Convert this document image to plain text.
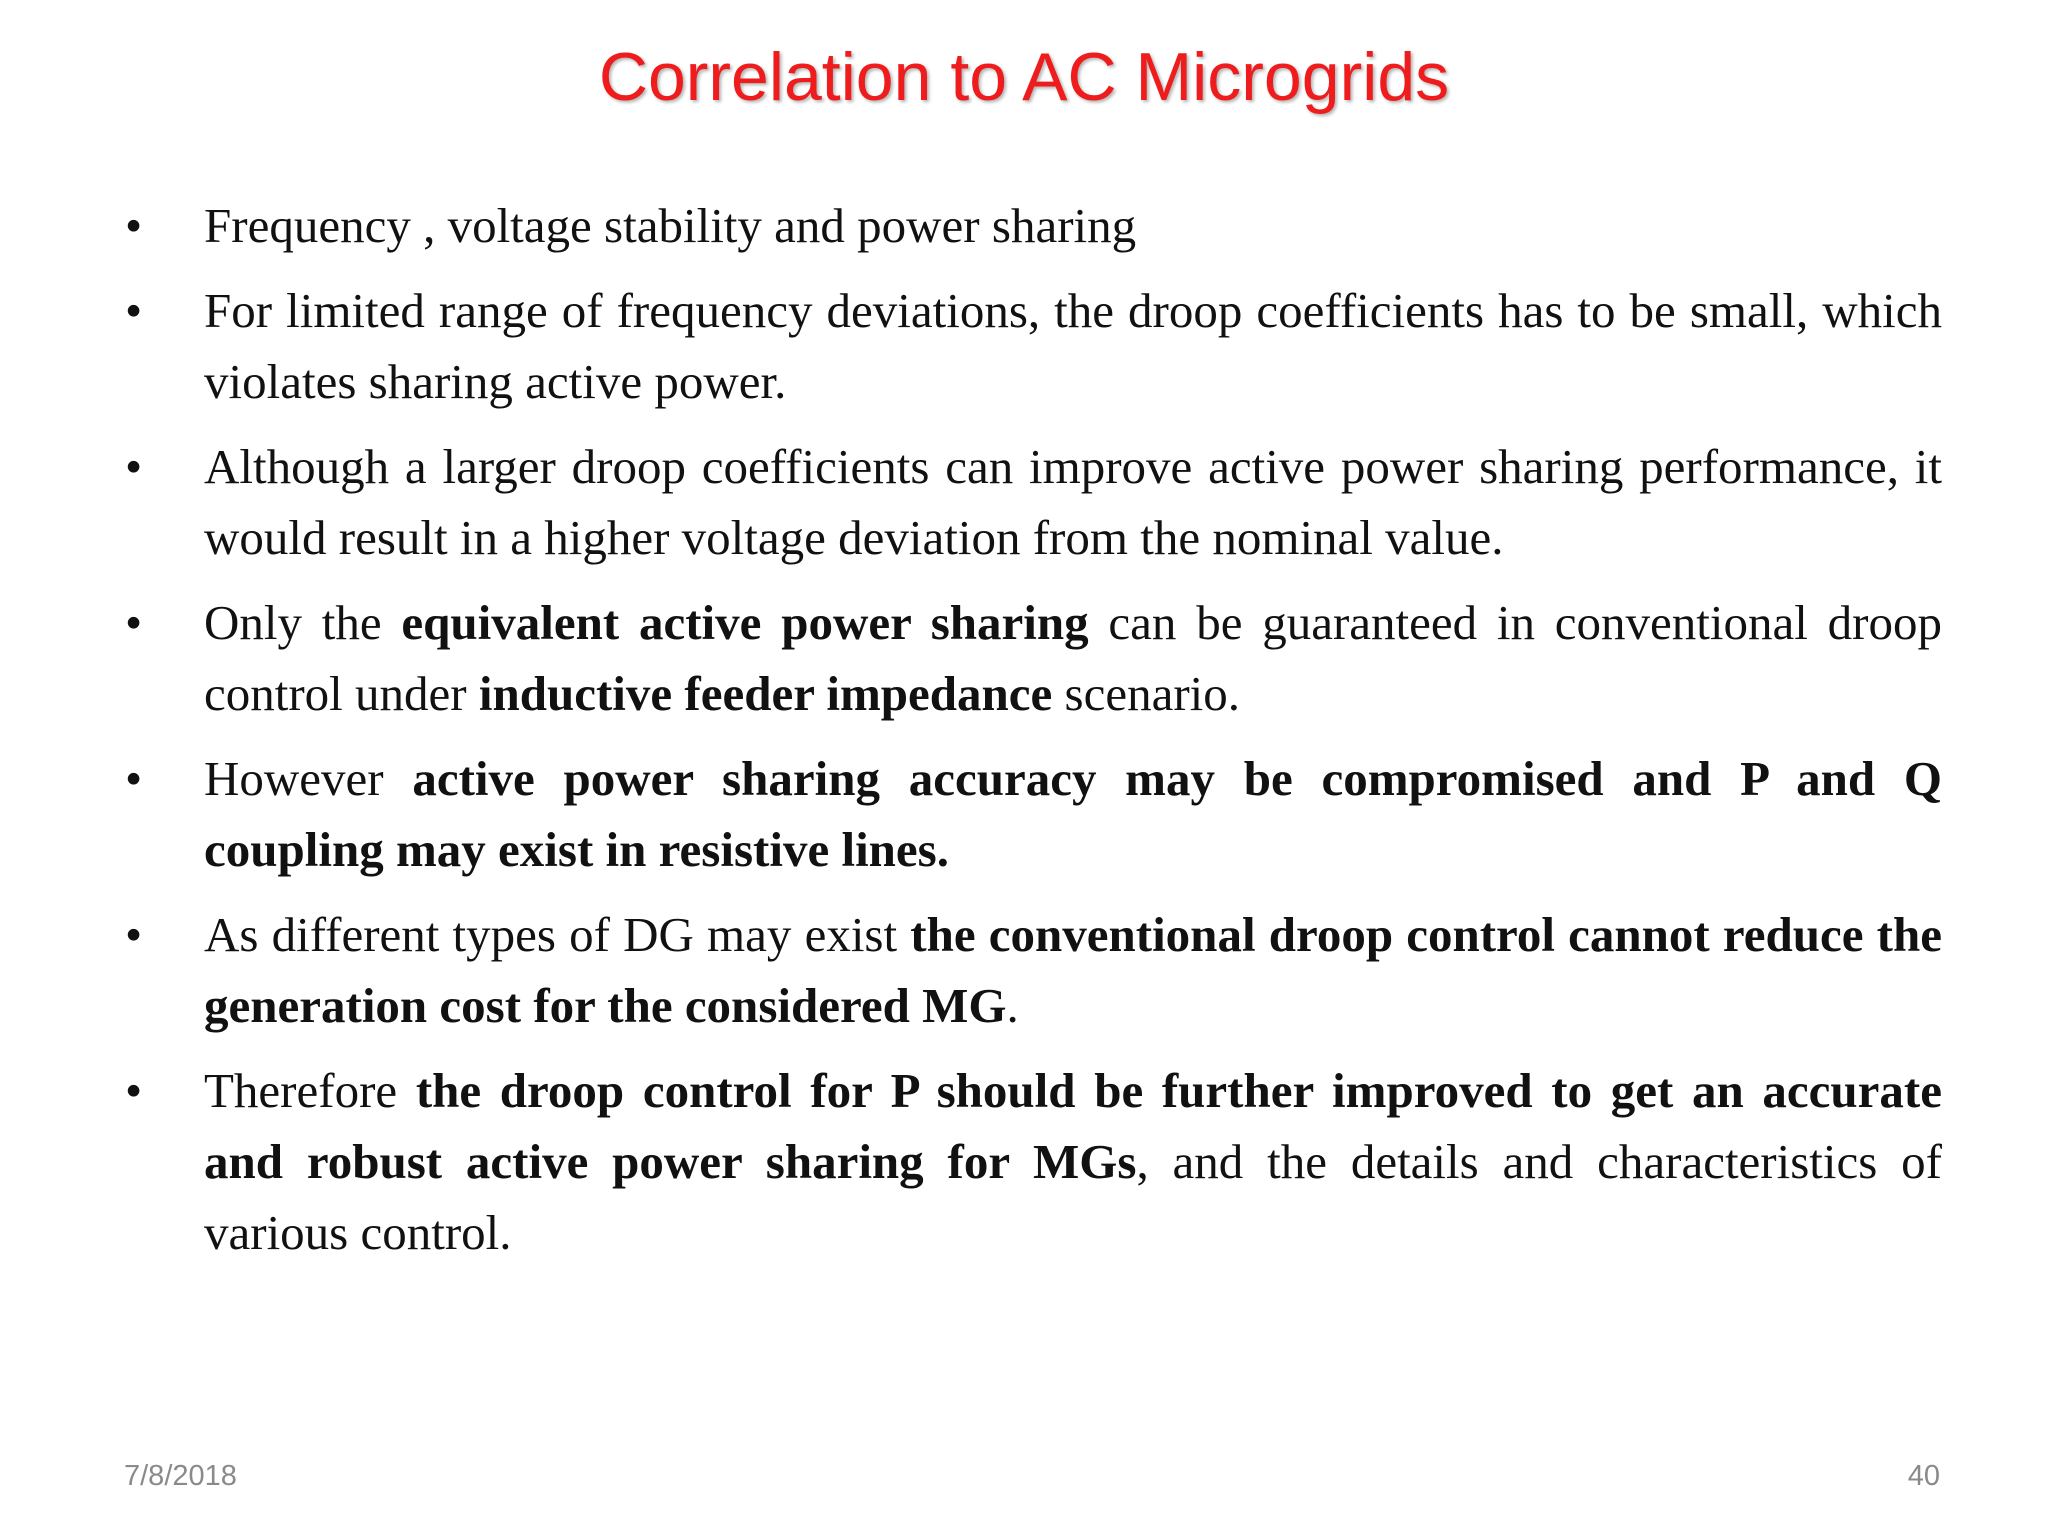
Correlation to AC Microgrids
• Frequency , voltage stability and power sharing
• For limited range of frequency deviations, the droop coefficients has to be small, which violates sharing active power.
• Although a larger droop coefficients can improve active power sharing performance, it would result in a higher voltage deviation from the nominal value.
• Only the equivalent active power sharing can be guaranteed in conventional droop control under inductive feeder impedance scenario.
• However active power sharing accuracy may be compromised and P and Q coupling may exist in resistive lines.
• As different types of DG may exist the conventional droop control cannot reduce the generation cost for the considered MG.
• Therefore the droop control for P should be further improved to get an accurate and robust active power sharing for MGs, and the details and characteristics of various control.
7/8/2018	40
